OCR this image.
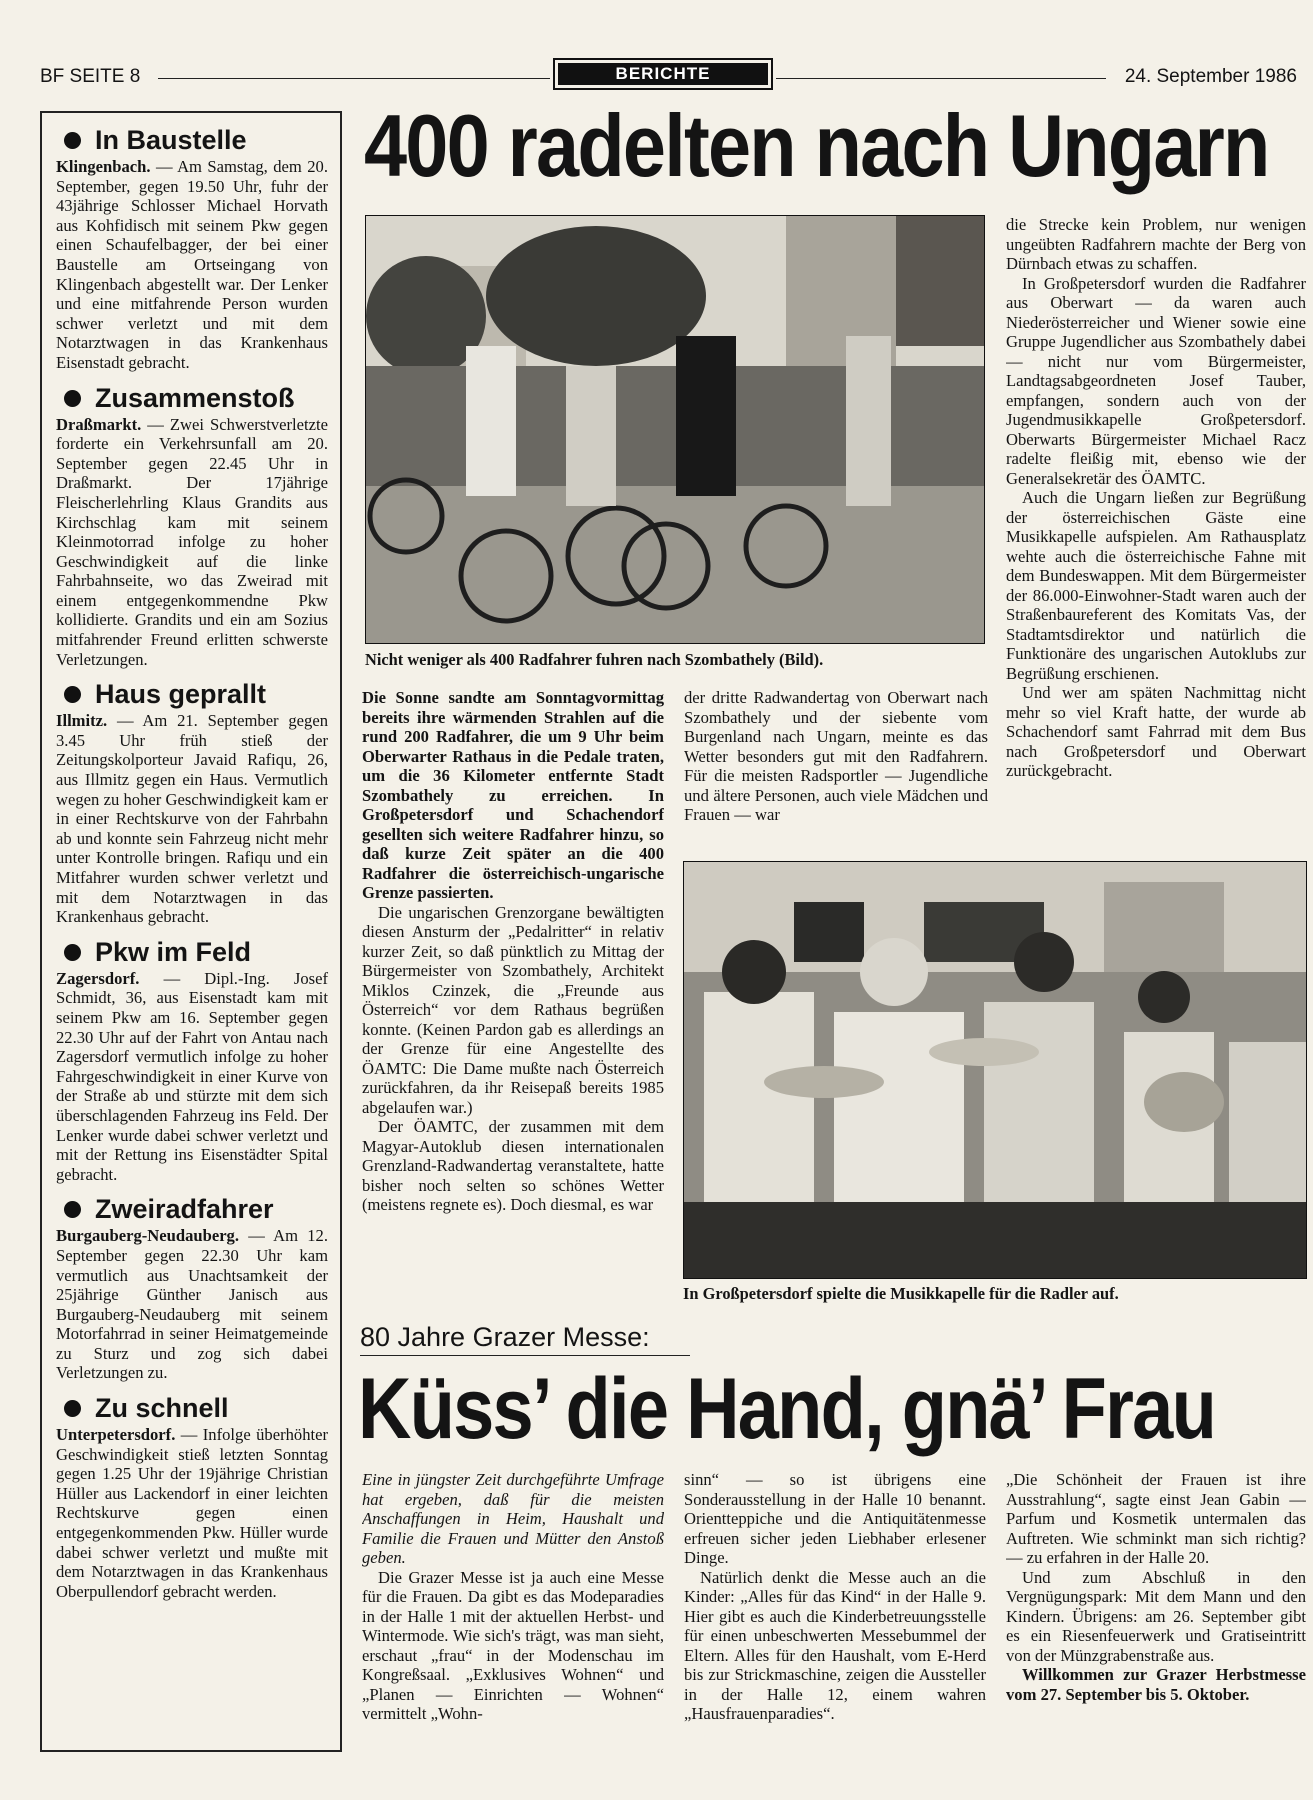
BF SEITE 8	BERICHTE	24. September 1986
In Baustelle

Klingenbach. — Am Samstag, dem 20. September, gegen 19.50 Uhr, fuhr der 43jährige Schlosser Michael Horvath aus Kohfidisch mit seinem Pkw gegen einen Schaufelbagger, der bei einer Baustelle am Ortseingang von Klingenbach abgestellt war. Der Lenker und eine mitfahrende Person wurden schwer verletzt und mit dem Notarztwagen in das Krankenhaus Eisenstadt gebracht.

Zusammenstoß

Draßmarkt. — Zwei Schwerstverletzte forderte ein Verkehrsunfall am 20. September gegen 22.45 Uhr in Draßmarkt. Der 17jährige Fleischerlehrling Klaus Grandits aus Kirchschlag kam mit seinem Kleinmotorrad infolge zu hoher Geschwindigkeit auf die linke Fahrbahnseite, wo das Zweirad mit einem entgegenkommendne Pkw kollidierte. Grandits und ein am Sozius mitfahrender Freund erlitten schwerste Verletzungen.

Haus geprallt

Illmitz. — Am 21. September gegen 3.45 Uhr früh stieß der Zeitungskolporteur Javaid Rafiqu, 26, aus Illmitz gegen ein Haus. Vermutlich wegen zu hoher Geschwindigkeit kam er in einer Rechtskurve von der Fahrbahn ab und konnte sein Fahrzeug nicht mehr unter Kontrolle bringen. Rafiqu und ein Mitfahrer wurden schwer verletzt und mit dem Notarztwagen in das Krankenhaus gebracht.

Pkw im Feld

Zagersdorf. — Dipl.-Ing. Josef Schmidt, 36, aus Eisenstadt kam mit seinem Pkw am 16. September gegen 22.30 Uhr auf der Fahrt von Antau nach Zagersdorf vermutlich infolge zu hoher Fahrgeschwindigkeit in einer Kurve von der Straße ab und stürzte mit dem sich überschlagenden Fahrzeug ins Feld. Der Lenker wurde dabei schwer verletzt und mit der Rettung ins Eisenstädter Spital gebracht.

Zweiradfahrer

Burgauberg-Neudauberg. — Am 12. September gegen 22.30 Uhr kam vermutlich aus Unachtsamkeit der 25jährige Günther Janisch aus Burgauberg-Neudauberg mit seinem Motorfahrrad in seiner Heimatgemeinde zu Sturz und zog sich dabei Verletzungen zu.

Zu schnell

Unterpetersdorf. — Infolge überhöhter Geschwindigkeit stieß letzten Sonntag gegen 1.25 Uhr der 19jährige Christian Hüller aus Lackendorf in einer leichten Rechtskurve gegen einen entgegenkommenden Pkw. Hüller wurde dabei schwer verletzt und mußte mit dem Notarztwagen in das Krankenhaus Oberpullendorf gebracht werden.

400 radelten nach Ungarn
Nicht weniger als 400 Radfahrer fuhren nach Szombathely (Bild).

Die Sonne sandte am Sonntagvormittag bereits ihre wärmenden Strahlen auf die rund 200 Radfahrer, die um 9 Uhr beim Oberwarter Rathaus in die Pedale traten, um die 36 Kilometer entfernte Stadt Szombathely zu erreichen. In Großpetersdorf und Schachendorf gesellten sich weitere Radfahrer hinzu, so daß kurze Zeit später an die 400 Radfahrer die österreichisch-ungarische Grenze passierten.

Die ungarischen Grenzorgane bewältigten diesen Ansturm der „Pedalritter“ in relativ kurzer Zeit, so daß pünktlich zu Mittag der Bürgermeister von Szombathely, Architekt Miklos Czinzek, die „Freunde aus Österreich“ vor dem Rathaus begrüßen konnte. (Keinen Pardon gab es allerdings an der Grenze für eine Angestellte des ÖAMTC: Die Dame mußte nach Österreich zurückfahren, da ihr Reisepaß bereits 1985 abgelaufen war.)

Der ÖAMTC, der zusammen mit dem Magyar-Autoklub diesen internationalen Grenzland-Radwandertag veranstaltete, hatte bisher noch selten so schönes Wetter (meistens regnete es). Doch diesmal, es war

der dritte Radwandertag von Oberwart nach Szombathely und der siebente vom Burgenland nach Ungarn, meinte es das Wetter besonders gut mit den Radfahrern. Für die meisten Radsportler — Jugendliche und ältere Personen, auch viele Mädchen und Frauen — war

die Strecke kein Problem, nur wenigen ungeübten Radfahrern machte der Berg von Dürnbach etwas zu schaffen.

In Großpetersdorf wurden die Radfahrer aus Oberwart — da waren auch Niederösterreicher und Wiener sowie eine Gruppe Jugendlicher aus Szombathely dabei — nicht nur vom Bürgermeister, Landtagsabgeordneten Josef Tauber, empfangen, sondern auch von der Jugendmusikkapelle Großpetersdorf. Oberwarts Bürgermeister Michael Racz radelte fleißig mit, ebenso wie der Generalsekretär des ÖAMTC.

Auch die Ungarn ließen zur Begrüßung der österreichischen Gäste eine Musikkapelle aufspielen. Am Rathausplatz wehte auch die österreichische Fahne mit dem Bundeswappen. Mit dem Bürgermeister der 86.000-Einwohner-Stadt waren auch der Straßenbaureferent des Komitats Vas, der Stadtamtsdirektor und natürlich die Funktionäre des ungarischen Autoklubs zur Begrüßung erschienen.

Und wer am späten Nachmittag nicht mehr so viel Kraft hatte, der wurde ab Schachendorf samt Fahrrad mit dem Bus nach Großpetersdorf und Oberwart zurückgebracht.

In Großpetersdorf spielte die Musikkapelle für die Radler auf.
80 Jahre Grazer Messe:
Küss’ die Hand, gnä’ Frau

Eine in jüngster Zeit durchgeführte Umfrage hat ergeben, daß für die meisten Anschaffungen in Heim, Haushalt und Familie die Frauen und Mütter den Anstoß geben.

Die Grazer Messe ist ja auch eine Messe für die Frauen. Da gibt es das Modeparadies in der Halle 1 mit der aktuellen Herbst- und Wintermode. Wie sich's trägt, was man sieht, erschaut „frau“ in der Modenschau im Kongreßsaal. „Exklusives Wohnen“ und „Planen — Einrichten — Wohnen“ vermittelt „Wohn-

sinn“ — so ist übrigens eine Sonderausstellung in der Halle 10 benannt. Orientteppiche und die Antiquitätenmesse erfreuen sicher jeden Liebhaber erlesener Dinge.

Natürlich denkt die Messe auch an die Kinder: „Alles für das Kind“ in der Halle 9. Hier gibt es auch die Kinderbetreuungsstelle für einen unbeschwerten Messebummel der Eltern. Alles für den Haushalt, vom E-Herd bis zur Strickmaschine, zeigen die Aussteller in der Halle 12, einem wahren „Hausfrauenparadies“.

„Die Schönheit der Frauen ist ihre Ausstrahlung“, sagte einst Jean Gabin — Parfum und Kosmetik untermalen das Auftreten. Wie schminkt man sich richtig? — zu erfahren in der Halle 20.

Und zum Abschluß in den Vergnügungspark: Mit dem Mann und den Kindern. Übrigens: am 26. September gibt es ein Riesenfeuerwerk und Gratiseintritt von der Münzgrabenstraße aus.

Willkommen zur Grazer Herbstmesse vom 27. September bis 5. Oktober.
